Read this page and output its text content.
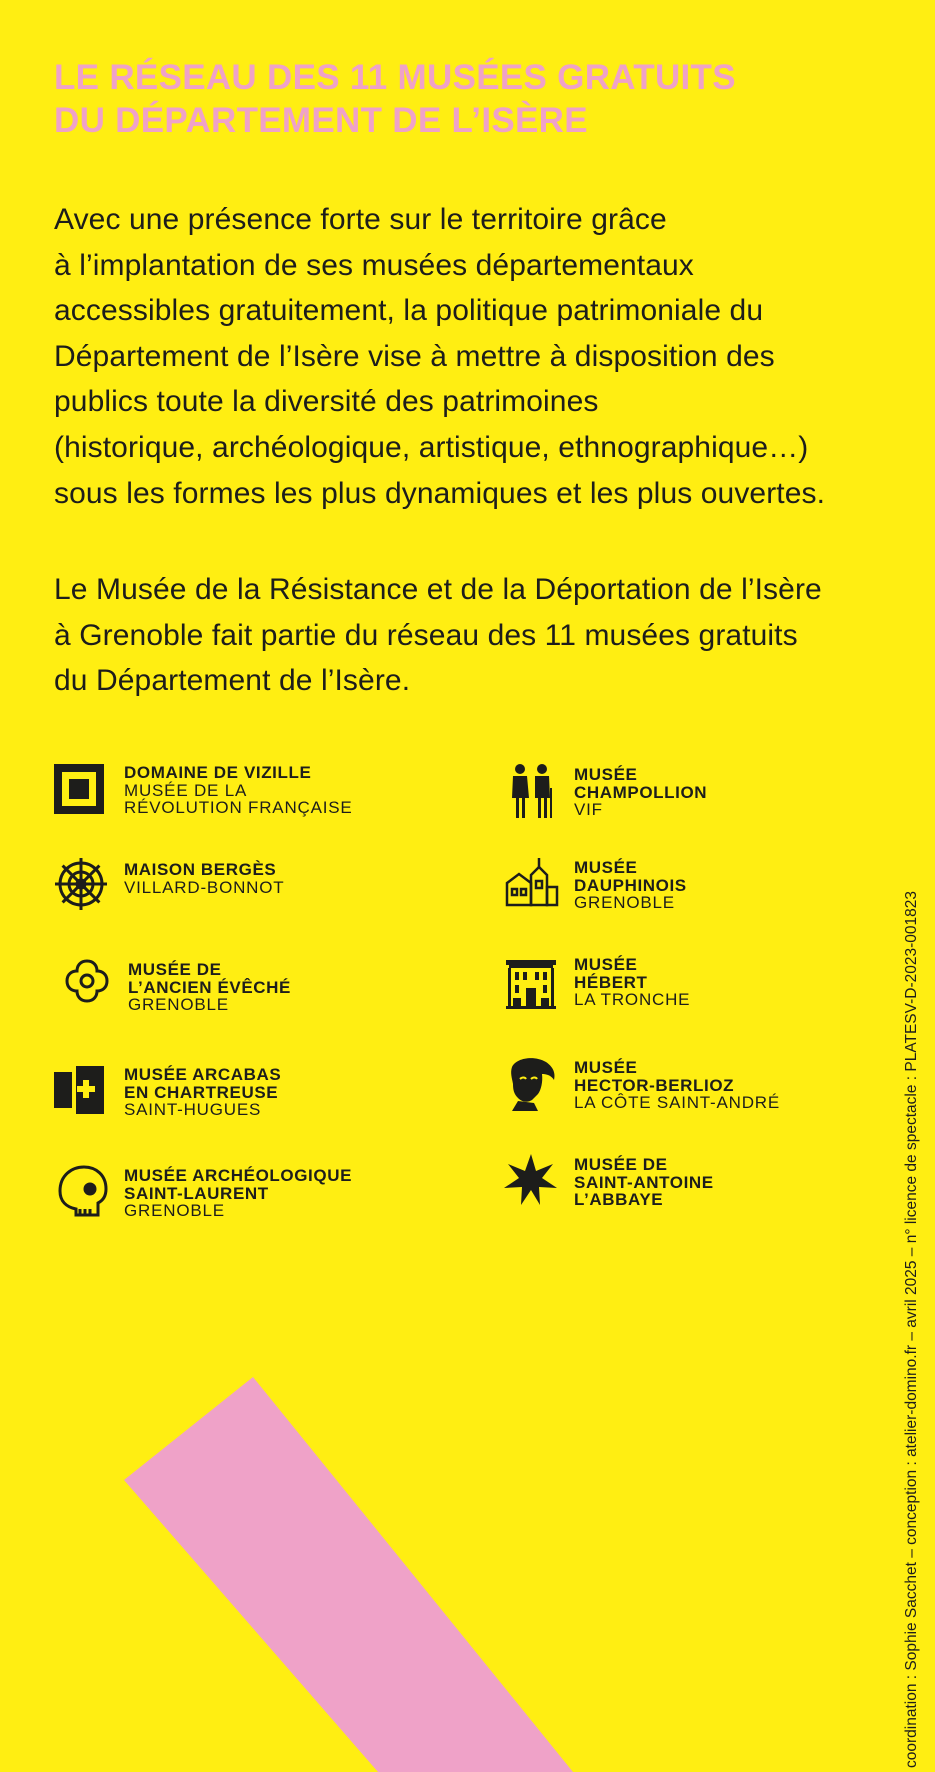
LE RÉSEAU DES 11 MUSÉES GRATUITS
DU DÉPARTEMENT DE L’ISÈRE

Avec une présence forte sur le territoire grâce
à l’implantation de ses musées départementaux
accessibles gratuitement, la politique patrimoniale du
Département de l’Isère vise à mettre à disposition des
publics toute la diversité des patrimoines
(historique, archéologique, artistique, ethnographique…)
sous les formes les plus dynamiques et les plus ouvertes.

Le Musée de la Résistance et de la Déportation de l’Isère
à Grenoble fait partie du réseau des 11 musées gratuits
du Département de l’Isère.

DOMAINE DE VIZILLE
MUSÉE DE LA
RÉVOLUTION FRANÇAISE
MUSÉE
CHAMPOLLION
VIF
MAISON BERGÈS
VILLARD-BONNOT
MUSÉE
DAUPHINOIS
GRENOBLE
MUSÉE DE
L’ANCIEN ÉVÊCHÉ
GRENOBLE
MUSÉE
HÉBERT
LA TRONCHE
MUSÉE ARCABAS
EN CHARTREUSE
SAINT-HUGUES
MUSÉE
HECTOR-BERLIOZ
LA CÔTE SAINT-ANDRÉ
MUSÉE ARCHÉOLOGIQUE
SAINT-LAURENT
GRENOBLE
MUSÉE DE
SAINT-ANTOINE
L’ABBAYE	coordination : Sophie Sacchet – conception : atelier-domino.fr – avril 2025 – n° licence de spectacle : PLATESV-D-2023-001823
